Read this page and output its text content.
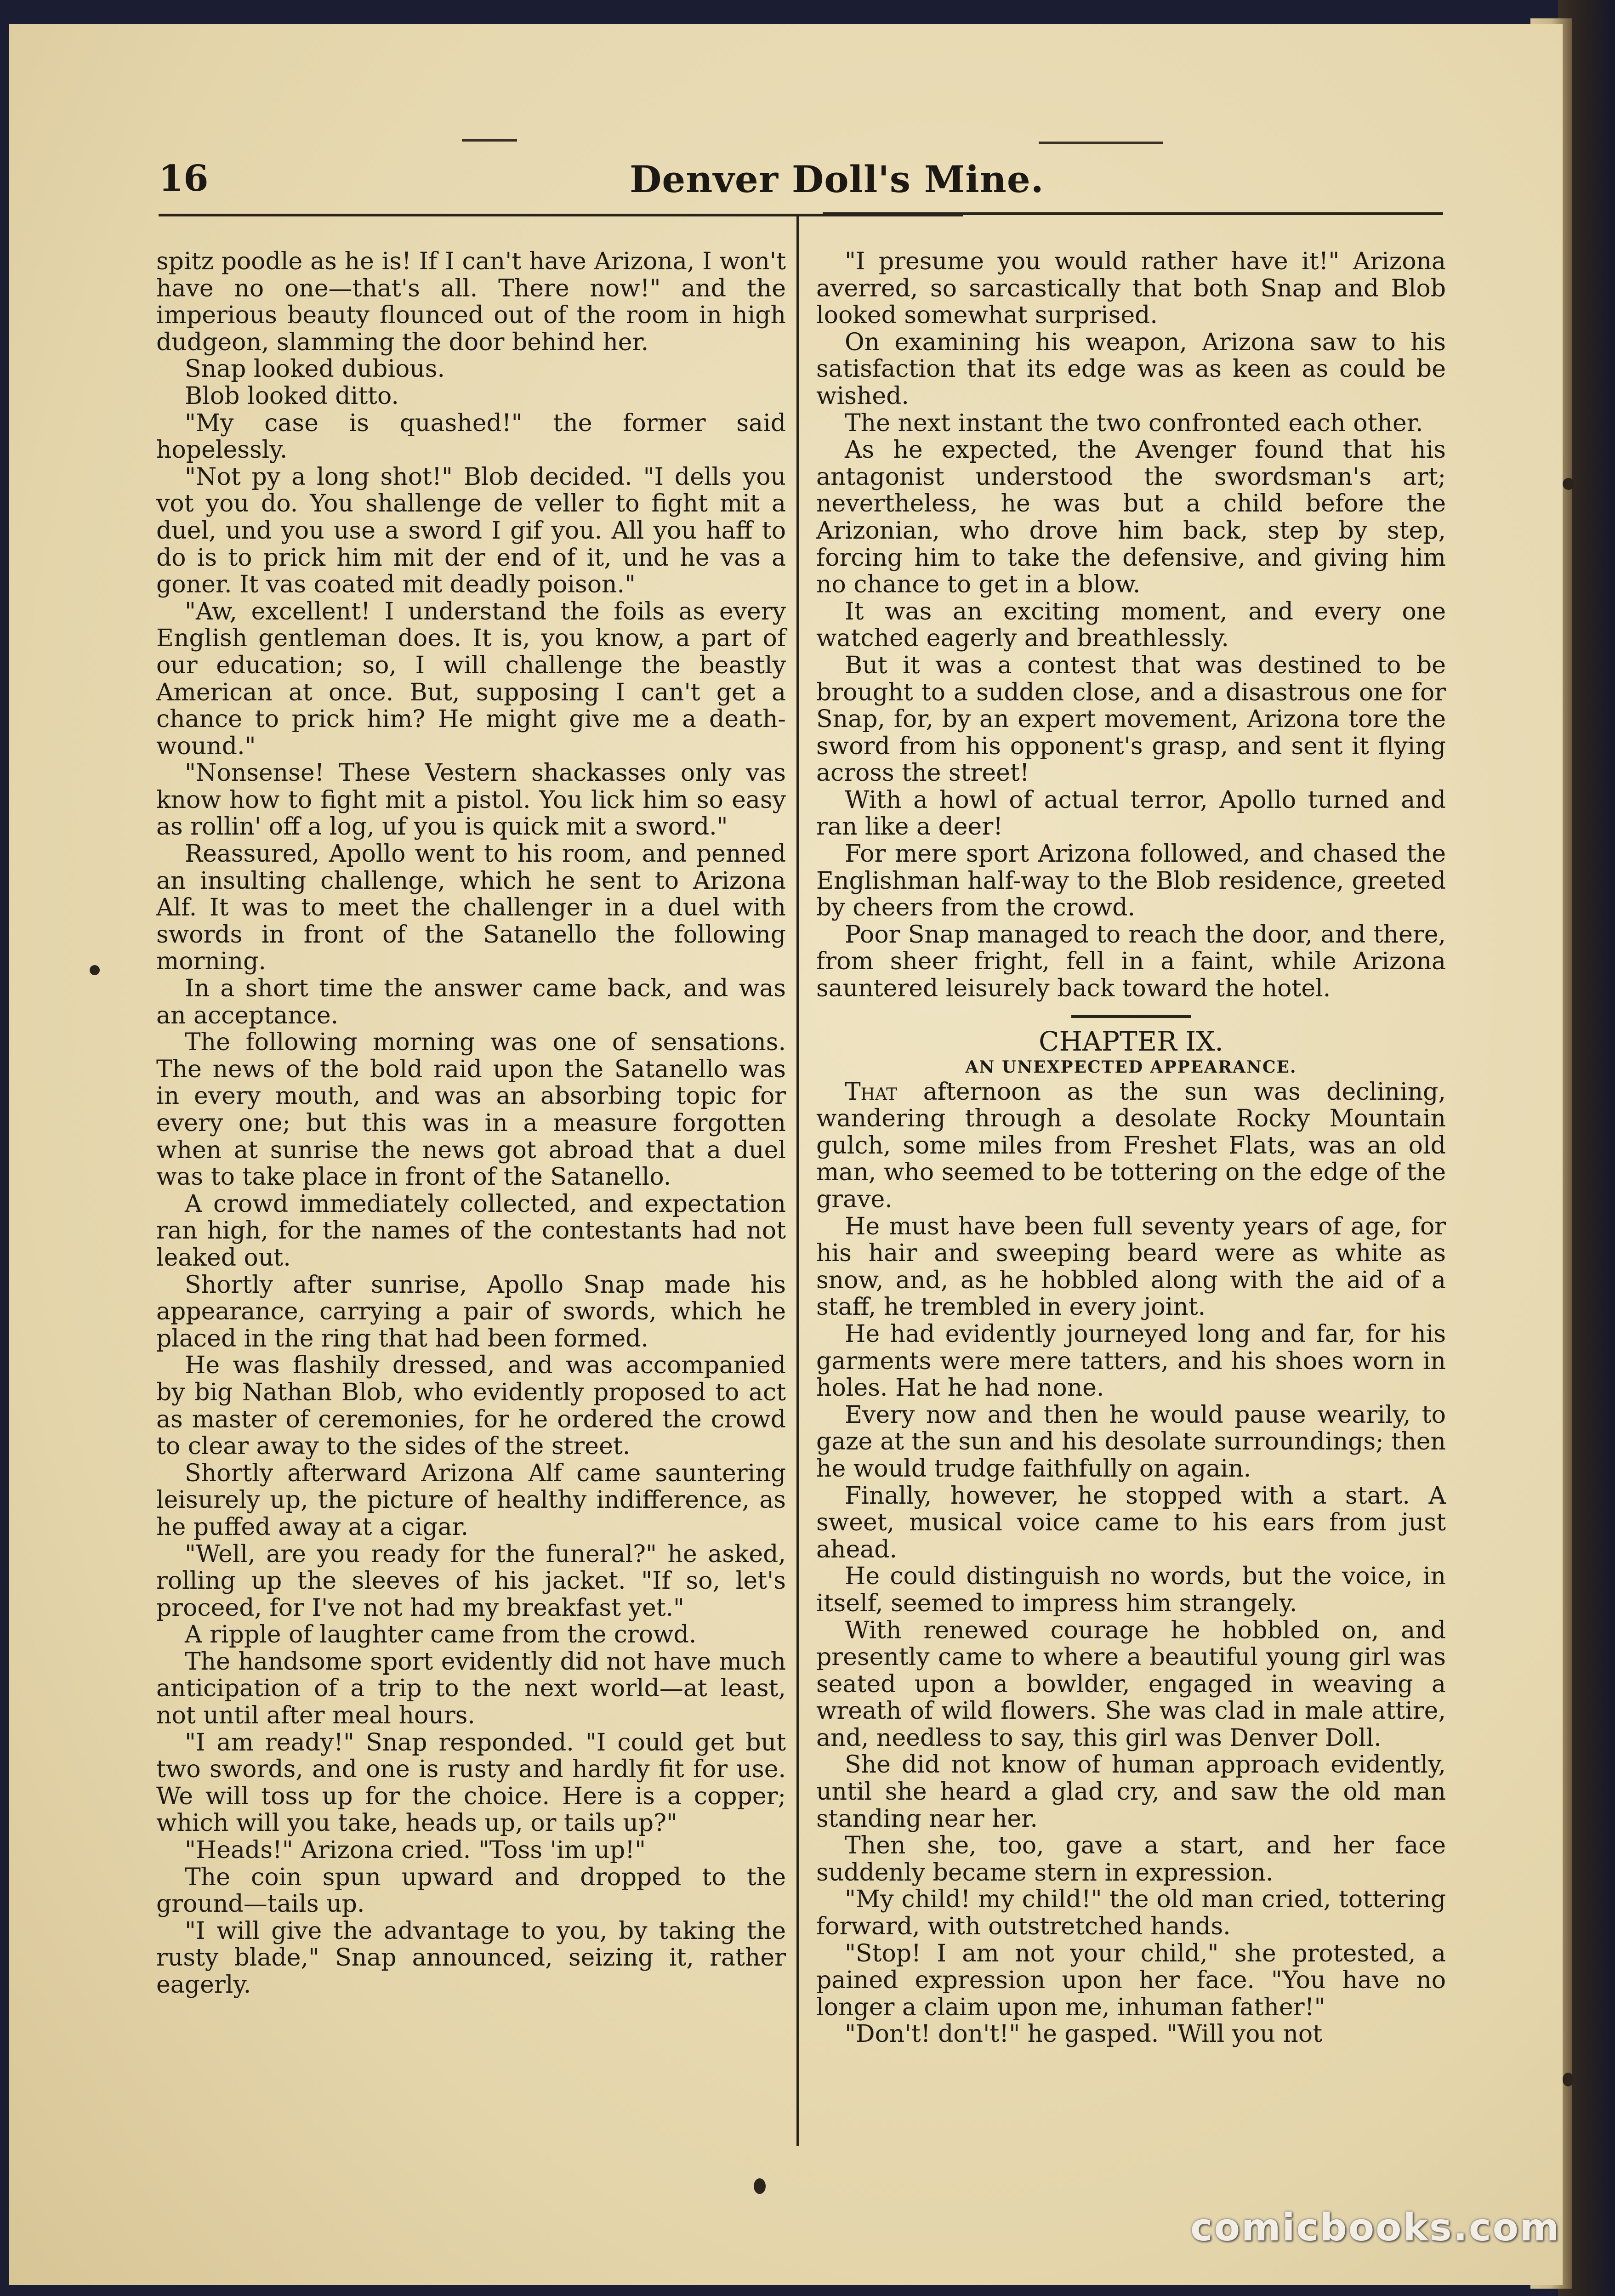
16	Denver Doll's Mine.

spitz poodle as he is! If I can't have Arizona, I won't have no one—that's all. There now!" and the imperious beauty flounced out of the room in high dudgeon, slamming the door behind her.

Snap looked dubious.

Blob looked ditto.

"My case is quashed!" the former said hopelessly.

"Not py a long shot!" Blob decided. "I dells you vot you do. You shallenge de veller to fight mit a duel, und you use a sword I gif you. All you haff to do is to prick him mit der end of it, und he vas a goner. It vas coated mit deadly poison."

"Aw, excellent! I understand the foils as every English gentleman does. It is, you know, a part of our education; so, I will challenge the beastly American at once. But, supposing I can't get a chance to prick him? He might give me a death-wound."

"Nonsense! These Vestern shackasses only vas know how to fight mit a pistol. You lick him so easy as rollin' off a log, uf you is quick mit a sword."

Reassured, Apollo went to his room, and penned an insulting challenge, which he sent to Arizona Alf. It was to meet the challenger in a duel with swords in front of the Satanello the following morning.

In a short time the answer came back, and was an acceptance.

The following morning was one of sensations. The news of the bold raid upon the Satanello was in every mouth, and was an absorbing topic for every one; but this was in a measure forgotten when at sunrise the news got abroad that a duel was to take place in front of the Satanello.

A crowd immediately collected, and expectation ran high, for the names of the contestants had not leaked out.

Shortly after sunrise, Apollo Snap made his appearance, carrying a pair of swords, which he placed in the ring that had been formed.

He was flashily dressed, and was accompanied by big Nathan Blob, who evidently proposed to act as master of ceremonies, for he ordered the crowd to clear away to the sides of the street.

Shortly afterward Arizona Alf came sauntering leisurely up, the picture of healthy indifference, as he puffed away at a cigar.

"Well, are you ready for the funeral?" he asked, rolling up the sleeves of his jacket. "If so, let's proceed, for I've not had my breakfast yet."

A ripple of laughter came from the crowd.

The handsome sport evidently did not have much anticipation of a trip to the next world—at least, not until after meal hours.

"I am ready!" Snap responded. "I could get but two swords, and one is rusty and hardly fit for use. We will toss up for the choice. Here is a copper; which will you take, heads up, or tails up?"

"Heads!" Arizona cried. "Toss 'im up!"

The coin spun upward and dropped to the ground—tails up.

"I will give the advantage to you, by taking the rusty blade," Snap announced, seizing it, rather eagerly.

"I presume you would rather have it!" Arizona averred, so sarcastically that both Snap and Blob looked somewhat surprised.

On examining his weapon, Arizona saw to his satisfaction that its edge was as keen as could be wished.

The next instant the two confronted each other.

As he expected, the Avenger found that his antagonist understood the swordsman's art; nevertheless, he was but a child before the Arizonian, who drove him back, step by step, forcing him to take the defensive, and giving him no chance to get in a blow.

It was an exciting moment, and every one watched eagerly and breathlessly.

But it was a contest that was destined to be brought to a sudden close, and a disastrous one for Snap, for, by an expert movement, Arizona tore the sword from his opponent's grasp, and sent it flying across the street!

With a howl of actual terror, Apollo turned and ran like a deer!

For mere sport Arizona followed, and chased the Englishman half-way to the Blob residence, greeted by cheers from the crowd.

Poor Snap managed to reach the door, and there, from sheer fright, fell in a faint, while Arizona sauntered leisurely back toward the hotel.

CHAPTER IX.

AN UNEXPECTED APPEARANCE.

That afternoon as the sun was declining, wandering through a desolate Rocky Mountain gulch, some miles from Freshet Flats, was an old man, who seemed to be tottering on the edge of the grave.

He must have been full seventy years of age, for his hair and sweeping beard were as white as snow, and, as he hobbled along with the aid of a staff, he trembled in every joint.

He had evidently journeyed long and far, for his garments were mere tatters, and his shoes worn in holes. Hat he had none.

Every now and then he would pause wearily, to gaze at the sun and his desolate surroundings; then he would trudge faithfully on again.

Finally, however, he stopped with a start. A sweet, musical voice came to his ears from just ahead.

He could distinguish no words, but the voice, in itself, seemed to impress him strangely.

With renewed courage he hobbled on, and presently came to where a beautiful young girl was seated upon a bowlder, engaged in weaving a wreath of wild flowers. She was clad in male attire, and, needless to say, this girl was Denver Doll.

She did not know of human approach evidently, until she heard a glad cry, and saw the old man standing near her.

Then she, too, gave a start, and her face suddenly became stern in expression.

"My child! my child!" the old man cried, tottering forward, with outstretched hands.

"Stop! I am not your child," she protested, a pained expression upon her face. "You have no longer a claim upon me, inhuman father!"

"Don't! don't!" he gasped. "Will you not

comicbooks.com
